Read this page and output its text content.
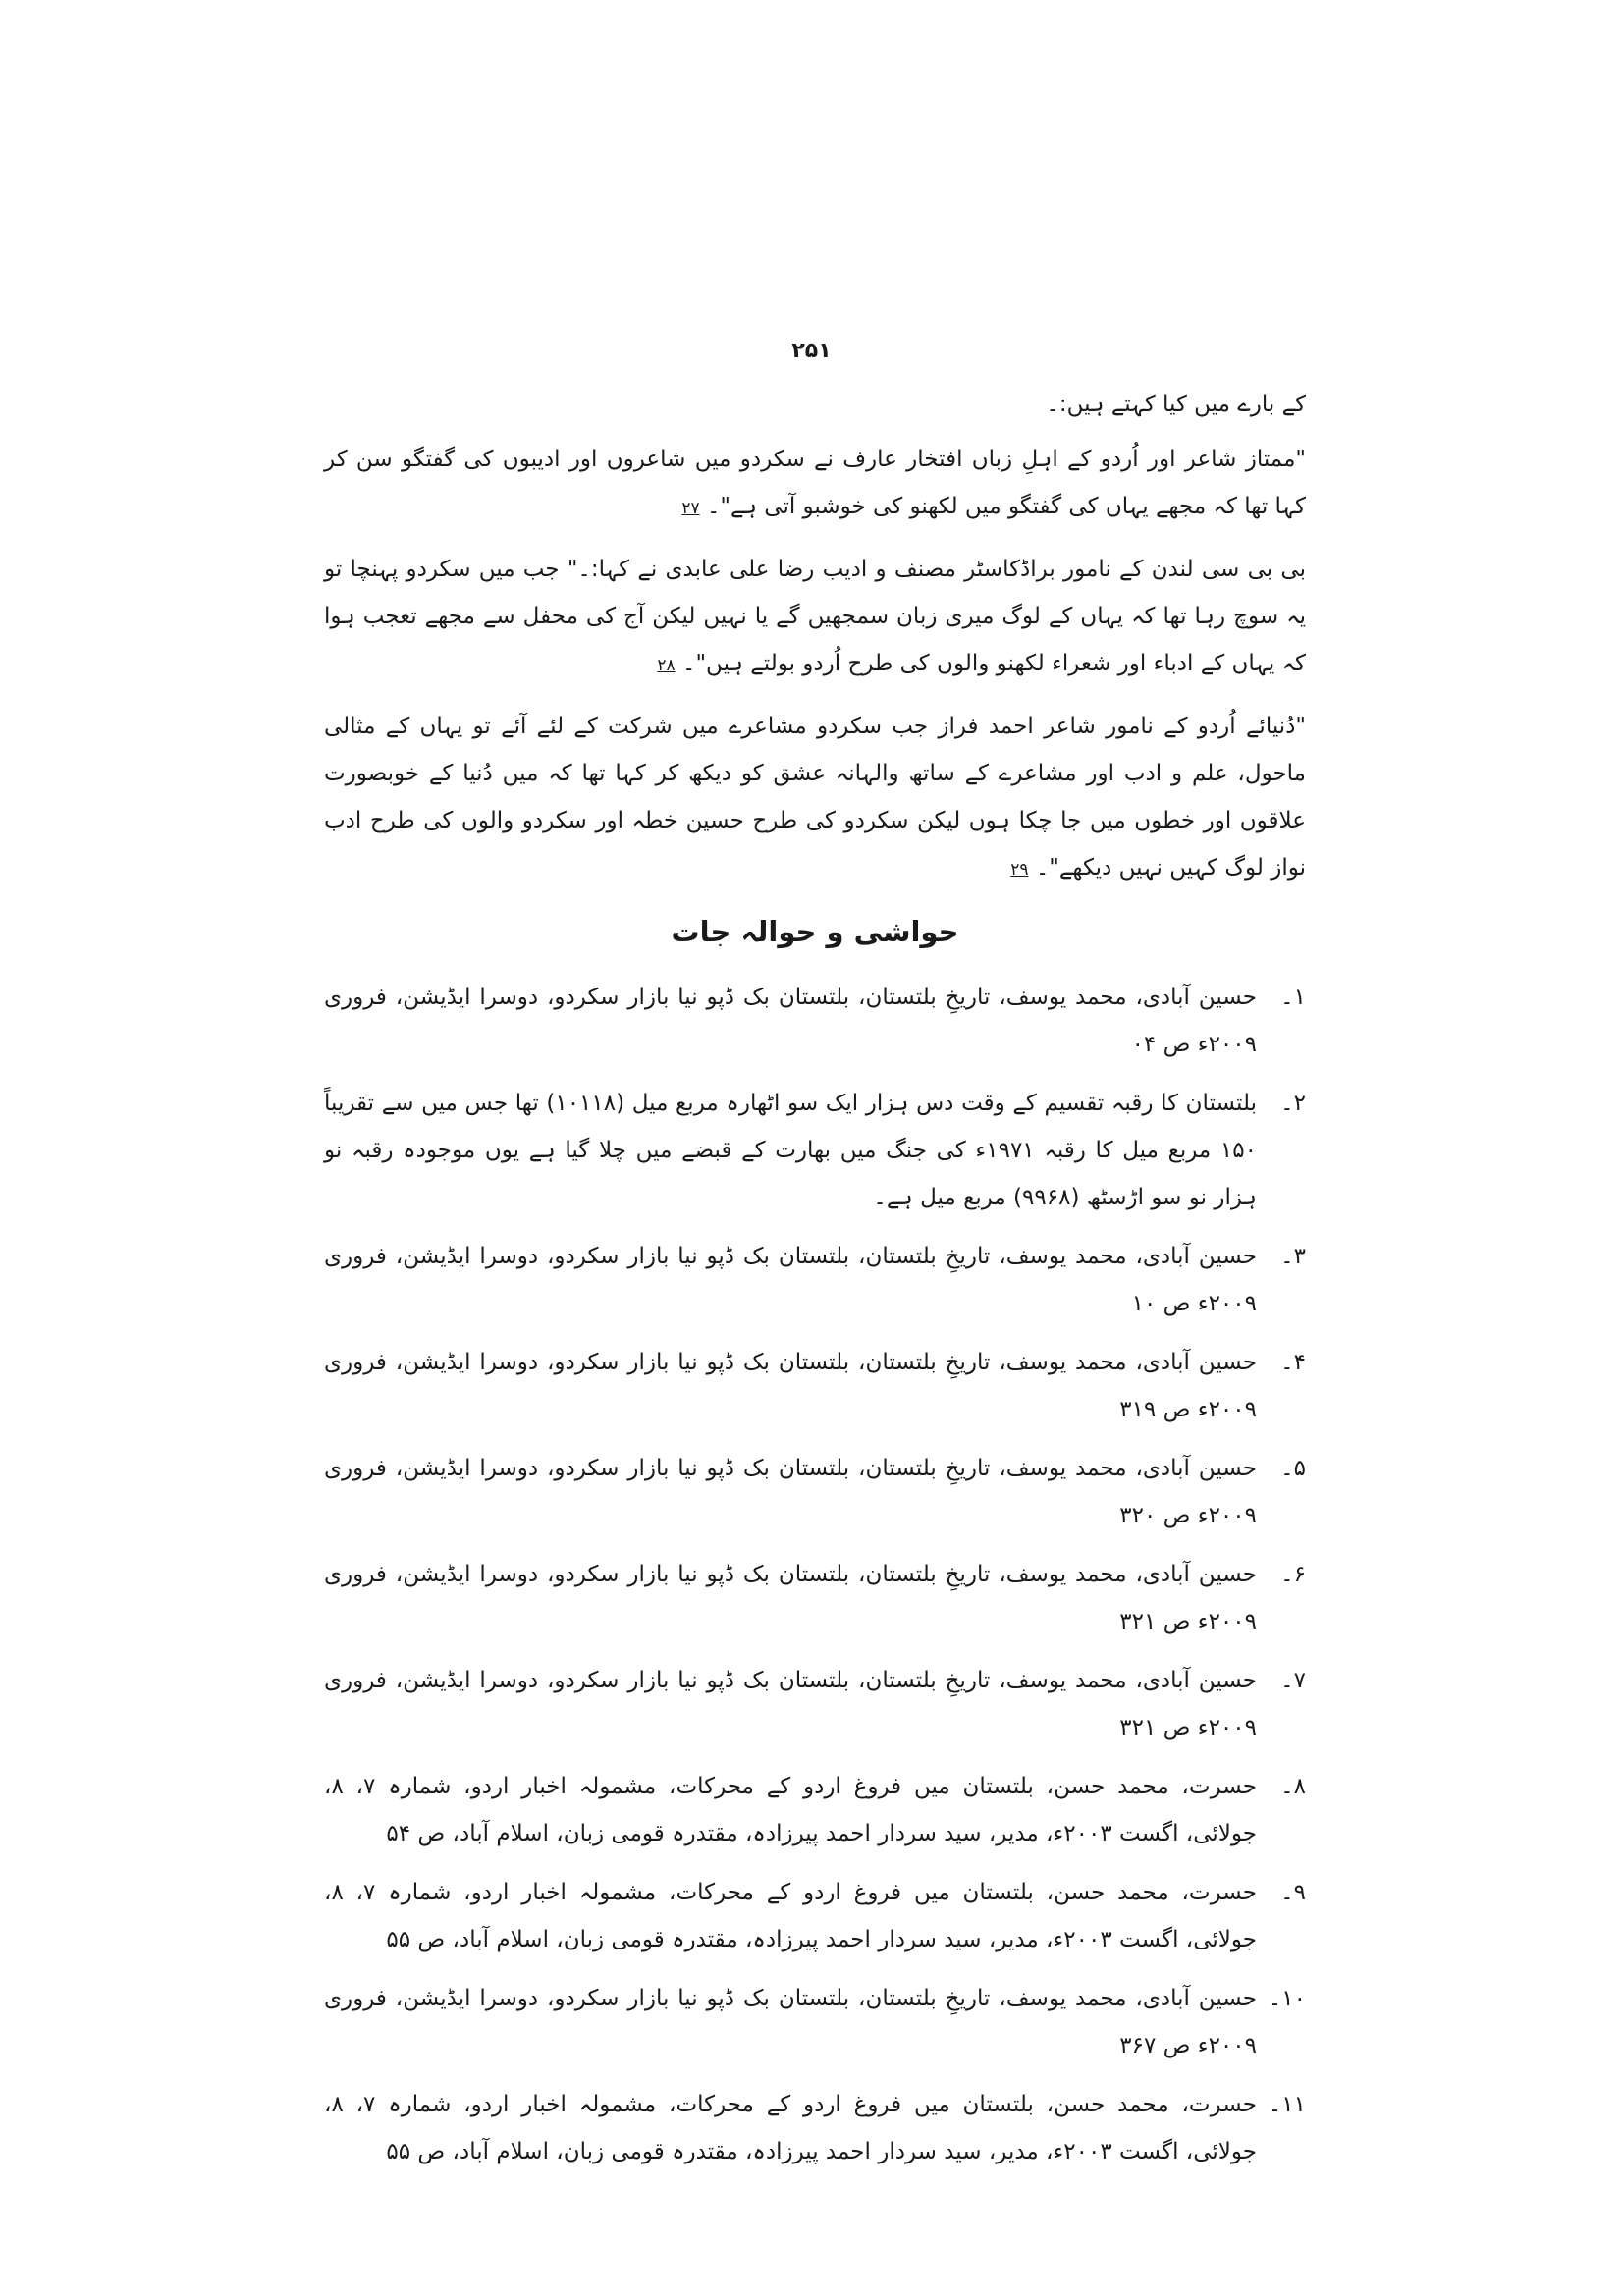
۲۵۱

کے بارے میں کیا کہتے ہیں:۔

"ممتاز شاعر اور اُردو کے اہلِ زباں افتخار عارف نے سکردو میں شاعروں اور ادیبوں کی گفتگو سن کر کہا تھا کہ مجھے یہاں کی گفتگو میں لکھنو کی خوشبو آتی ہے"۔ ۲۷

بی بی سی لندن کے نامور براڈکاسٹر مصنف و ادیب رضا علی عابدی نے کہا:۔" جب میں سکردو پہنچا تو یہ سوچ رہا تھا کہ یہاں کے لوگ میری زبان سمجھیں گے یا نہیں لیکن آج کی محفل سے مجھے تعجب ہوا کہ یہاں کے ادباء اور شعراء لکھنو والوں کی طرح اُردو بولتے ہیں"۔ ۲۸

"دُنیائے اُردو کے نامور شاعر احمد فراز جب سکردو مشاعرے میں شرکت کے لئے آئے تو یہاں کے مثالی ماحول، علم و ادب اور مشاعرے کے ساتھ والہانہ عشق کو دیکھ کر کہا تھا کہ میں دُنیا کے خوبصورت علاقوں اور خطوں میں جا چکا ہوں لیکن سکردو کی طرح حسین خطہ اور سکردو والوں کی طرح ادب نواز لوگ کہیں نہیں دیکھے"۔ ۲۹

حواشی و حوالہ جات
۱۔
حسین آبادی، محمد یوسف، تاریخِ بلتستان، بلتستان بک ڈپو نیا بازار سکردو، دوسرا ایڈیشن، فروری ۲۰۰۹ء ص ۰۴
۲۔
بلتستان کا رقبہ تقسیم کے وقت دس ہزار ایک سو اٹھارہ مربع میل (۱۰۱۱۸) تھا جس میں سے تقریباً ۱۵۰ مربع میل کا رقبہ ۱۹۷۱ء کی جنگ میں بھارت کے قبضے میں چلا گیا ہے یوں موجودہ رقبہ نو ہزار نو سو اڑسٹھ (۹۹۶۸) مربع میل ہے۔
۳۔
حسین آبادی، محمد یوسف، تاریخِ بلتستان، بلتستان بک ڈپو نیا بازار سکردو، دوسرا ایڈیشن، فروری ۲۰۰۹ء ص ۱۰
۴۔
حسین آبادی، محمد یوسف، تاریخِ بلتستان، بلتستان بک ڈپو نیا بازار سکردو، دوسرا ایڈیشن، فروری ۲۰۰۹ء ص ۳۱۹
۵۔
حسین آبادی، محمد یوسف، تاریخِ بلتستان، بلتستان بک ڈپو نیا بازار سکردو، دوسرا ایڈیشن، فروری ۲۰۰۹ء ص ۳۲۰
۶۔
حسین آبادی، محمد یوسف، تاریخِ بلتستان، بلتستان بک ڈپو نیا بازار سکردو، دوسرا ایڈیشن، فروری ۲۰۰۹ء ص ۳۲۱
۷۔
حسین آبادی، محمد یوسف، تاریخِ بلتستان، بلتستان بک ڈپو نیا بازار سکردو، دوسرا ایڈیشن، فروری ۲۰۰۹ء ص ۳۲۱
۸۔
حسرت، محمد حسن، بلتستان میں فروغ اردو کے محرکات، مشمولہ اخبار اردو، شمارہ ۷، ۸، جولائی، اگست ۲۰۰۳ء، مدیر، سید سردار احمد پیرزادہ، مقتدرہ قومی زبان، اسلام آباد، ص ۵۴
۹۔
حسرت، محمد حسن، بلتستان میں فروغ اردو کے محرکات، مشمولہ اخبار اردو، شمارہ ۷، ۸، جولائی، اگست ۲۰۰۳ء، مدیر، سید سردار احمد پیرزادہ، مقتدرہ قومی زبان، اسلام آباد، ص ۵۵
۱۰۔
حسین آبادی، محمد یوسف، تاریخِ بلتستان، بلتستان بک ڈپو نیا بازار سکردو، دوسرا ایڈیشن، فروری ۲۰۰۹ء ص ۳۶۷
۱۱۔
حسرت، محمد حسن، بلتستان میں فروغ اردو کے محرکات، مشمولہ اخبار اردو، شمارہ ۷، ۸، جولائی، اگست ۲۰۰۳ء، مدیر، سید سردار احمد پیرزادہ، مقتدرہ قومی زبان، اسلام آباد، ص ۵۵
